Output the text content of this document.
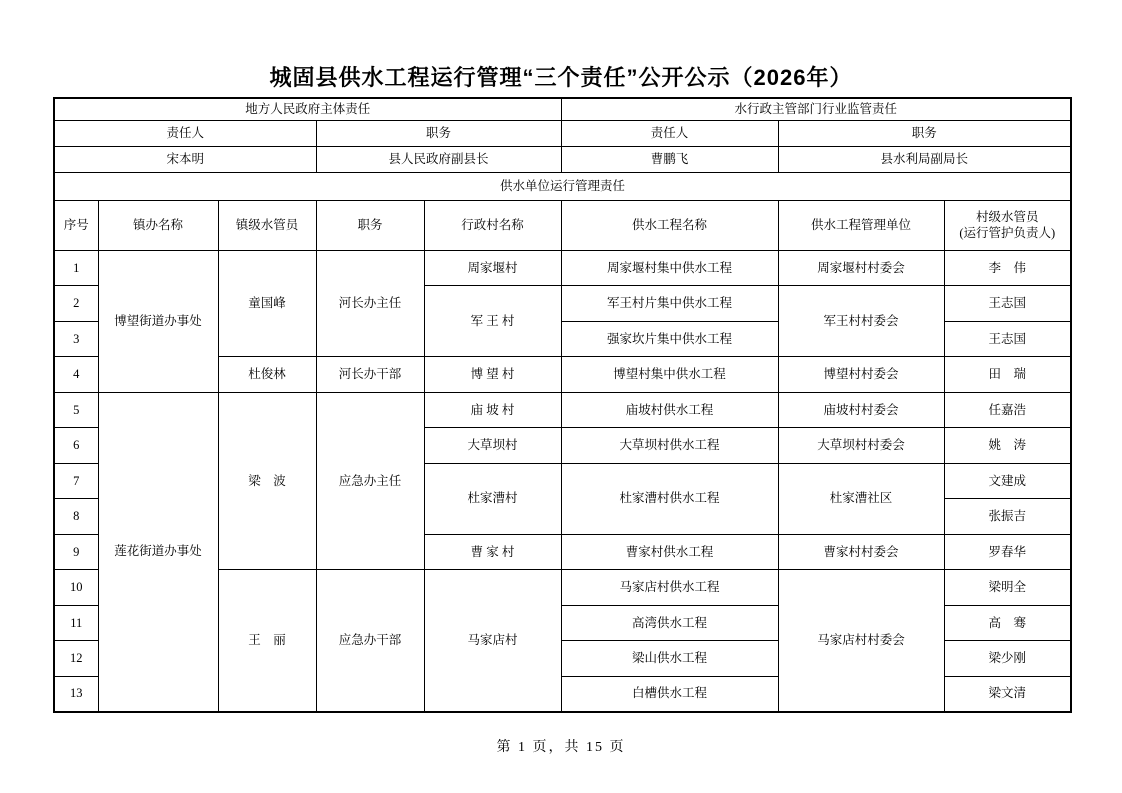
城固县供水工程运行管理“三个责任”公开公示（2026年）
地方人民政府主体责任					水行政主管部门行业监管责任		
责任人			职务		责任人	职务	
宋本明			县人民政府副县长		曹鹏飞	县水利局副局长	
供水单位运行管理责任							
序号	镇办名称	镇级水管员	职务	行政村名称	供水工程名称	供水工程管理单位	村级水管员
(运行管护负责人)

1	博望街道办事处	童国峰	河长办主任	周家堰村	周家堰村集中供水工程	周家堰村村委会	李　伟
2				军 王 村	军王村片集中供水工程	军王村村委会	王志国
3					强家坎片集中供水工程		王志国
4		杜俊林	河长办干部	博 望 村	博望村集中供水工程	博望村村委会	田　瑞
5	莲花街道办事处	梁　波	应急办主任	庙 坡 村	庙坡村供水工程	庙坡村村委会	任嘉浩
6				大草坝村	大草坝村供水工程	大草坝村村委会	姚　涛
7				杜家漕村	杜家漕村供水工程	杜家漕社区	文建成
8							张振吉
9				曹 家 村	曹家村供水工程	曹家村村委会	罗春华
10		王　丽	应急办干部	马家店村	马家店村供水工程	马家店村村委会	梁明全
11					高湾供水工程		高　骞
12					梁山供水工程		梁少刚
13					白槽供水工程		梁文清
第 1 页，共 15 页
